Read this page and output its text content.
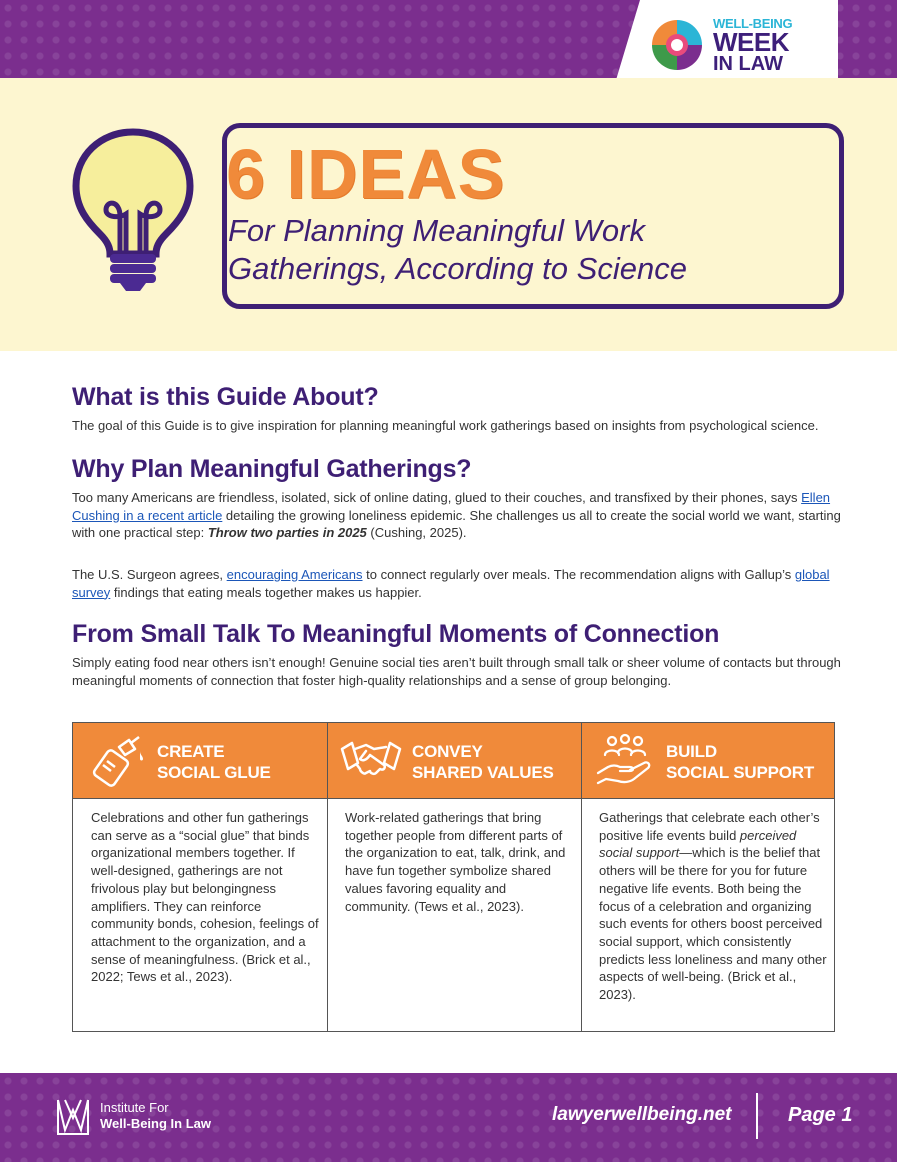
WELL-BEING
WEEK
IN LAW
6 IDEAS
For Planning Meaningful Work Gatherings, According to Science
What is this Guide About?
The goal of this Guide is to give inspiration for planning meaningful work gatherings based on insights from psychological science.
Why Plan Meaningful Gatherings?
Too many Americans are friendless, isolated, sick of online dating, glued to their couches, and transfixed by their phones, says Ellen Cushing in a recent article detailing the growing loneliness epidemic. She challenges us all to create the social world we want, starting with one practical step: Throw two parties in 2025 (Cushing, 2025).
The U.S. Surgeon agrees, encouraging Americans to connect regularly over meals. The recommendation aligns with Gallup’s global survey findings that eating meals together makes us happier.
From Small Talk To Meaningful Moments of Connection
Simply eating food near others isn’t enough! Genuine social ties aren’t built through small talk or sheer volume of contacts but through meaningful moments of connection that foster high-quality relationships and a sense of group belonging.
CREATE
SOCIAL GLUE
CONVEY
SHARED VALUES
BUILD
SOCIAL SUPPORT
Celebrations and other fun gatherings can serve as a “social glue” that binds organizational members together. If well-designed, gatherings are not frivolous play but belongingness amplifiers. They can reinforce community bonds, cohesion, feelings of attachment to the organization, and a sense of meaningfulness. (Brick et al., 2022; Tews et al., 2023).
Work-related gatherings that bring together people from different parts of the organization to eat, talk, drink, and have fun together symbolize shared values favoring equality and community. (Tews et al., 2023).
Gatherings that celebrate each other’s positive life events build perceived social support—which is the belief that others will be there for you for future negative life events. Both being the focus of a celebration and organizing such events for others boost perceived social support, which consistently predicts less loneliness and many other aspects of well-being. (Brick et al., 2023).
Institute For
Well-Being In Law	lawyerwellbeing.net	Page 1
